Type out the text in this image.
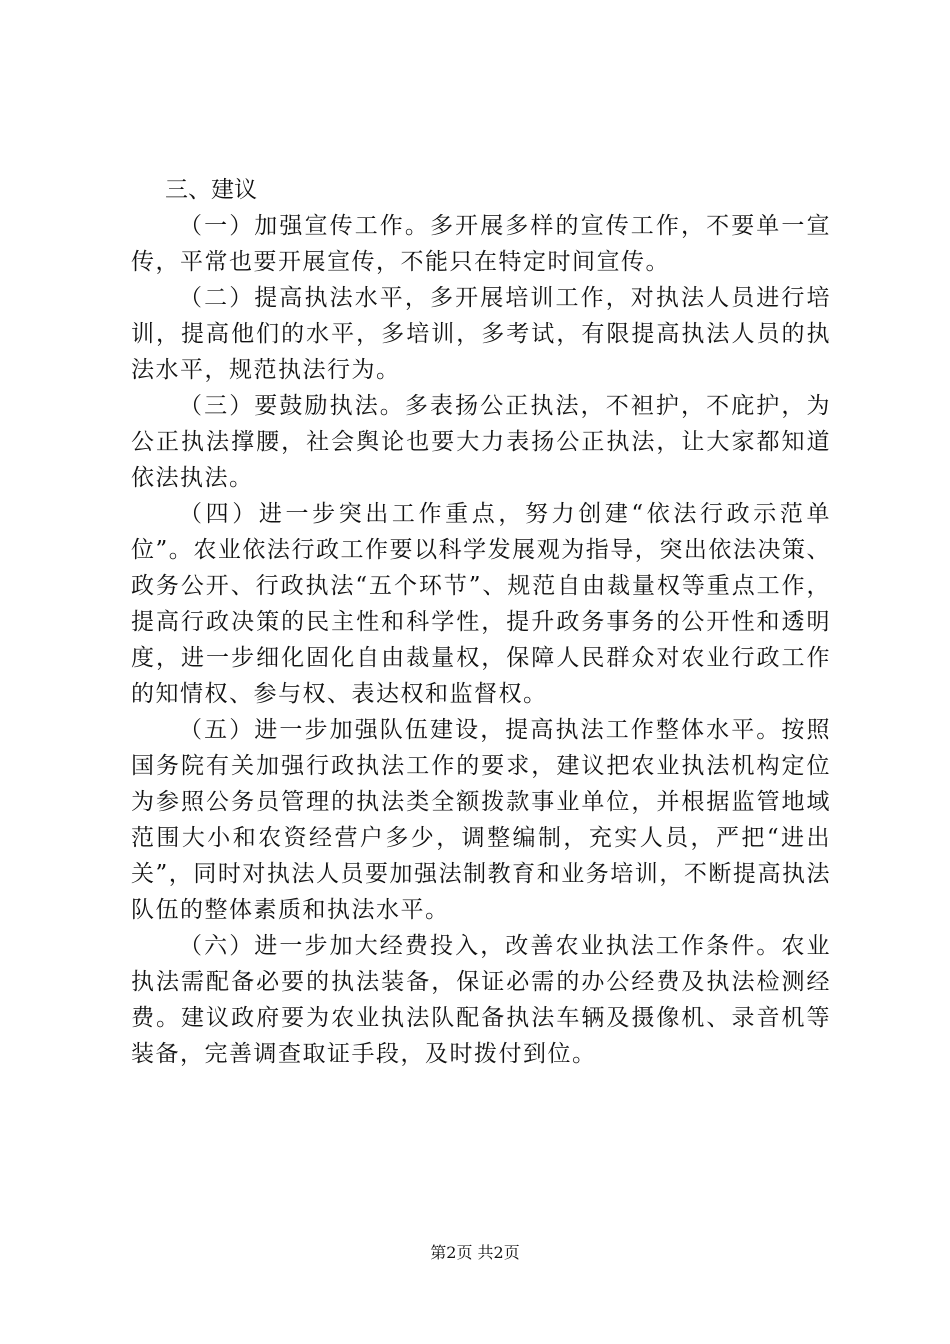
三、建议

（一）加强宣传工作。多开展多样的宣传工作，不要单一宣传，平常也要开展宣传，不能只在特定时间宣传。

（二）提高执法水平，多开展培训工作，对执法人员进行培训，提高他们的水平，多培训，多考试，有限提高执法人员的执法水平，规范执法行为。

（三）要鼓励执法。多表扬公正执法，不袒护，不庇护，为公正执法撑腰，社会舆论也要大力表扬公正执法，让大家都知道依法执法。

（四）进一步突出工作重点，努力创建“依法行政示范单位”。农业依法行政工作要以科学发展观为指导，突出依法决策、政务公开、行政执法“五个环节”、规范自由裁量权等重点工作，提高行政决策的民主性和科学性，提升政务事务的公开性和透明度，进一步细化固化自由裁量权，保障人民群众对农业行政工作的知情权、参与权、表达权和监督权。

（五）进一步加强队伍建设，提高执法工作整体水平。按照国务院有关加强行政执法工作的要求，建议把农业执法机构定位为参照公务员管理的执法类全额拨款事业单位，并根据监管地域范围大小和农资经营户多少，调整编制，充实人员，严把“进出关”，同时对执法人员要加强法制教育和业务培训，不断提高执法队伍的整体素质和执法水平。

（六）进一步加大经费投入，改善农业执法工作条件。农业执法需配备必要的执法装备，保证必需的办公经费及执法检测经费。建议政府要为农业执法队配备执法车辆及摄像机、录音机等装备，完善调查取证手段，及时拨付到位。

第2页 共2页
